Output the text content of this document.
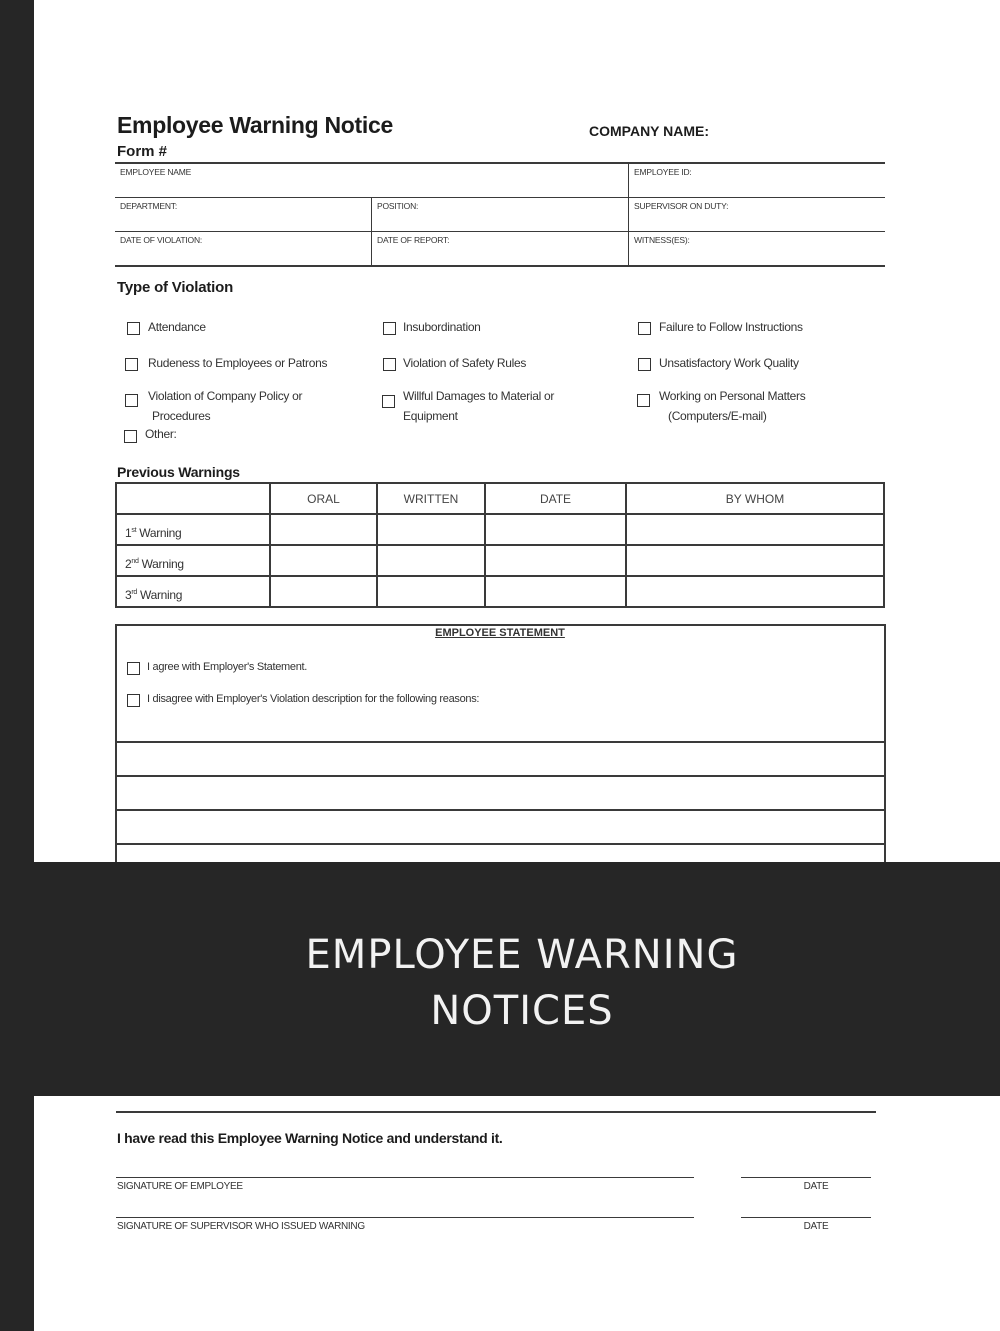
Employee Warning Notice
Form #
COMPANY NAME:
EMPLOYEE NAME	EMPLOYEE ID:
DEPARTMENT:	POSITION:	SUPERVISOR ON DUTY:
DATE OF VIOLATION:	DATE OF REPORT:	WITNESS(ES):
Type of Violation
Attendance	Insubordination	Failure to Follow Instructions
Rudeness to Employees or Patrons	Violation of Safety Rules	Unsatisfactory Work Quality
Violation of Company Policy or
Procedures
Willful Damages to Material or
Equipment
Working on Personal Matters
(Computers/E-mail)
Other:
Previous Warnings
ORAL	WRITTEN	DATE	BY WHOM
1st Warning
2nd Warning
3rd Warning
EMPLOYEE STATEMENT
I agree with Employer's Statement.
I disagree with Employer's Violation description for the following reasons:
EMPLOYEE WARNING
NOTICES
I have read this Employee Warning Notice and understand it.
SIGNATURE OF EMPLOYEE	DATE
SIGNATURE OF SUPERVISOR WHO ISSUED WARNING	DATE
